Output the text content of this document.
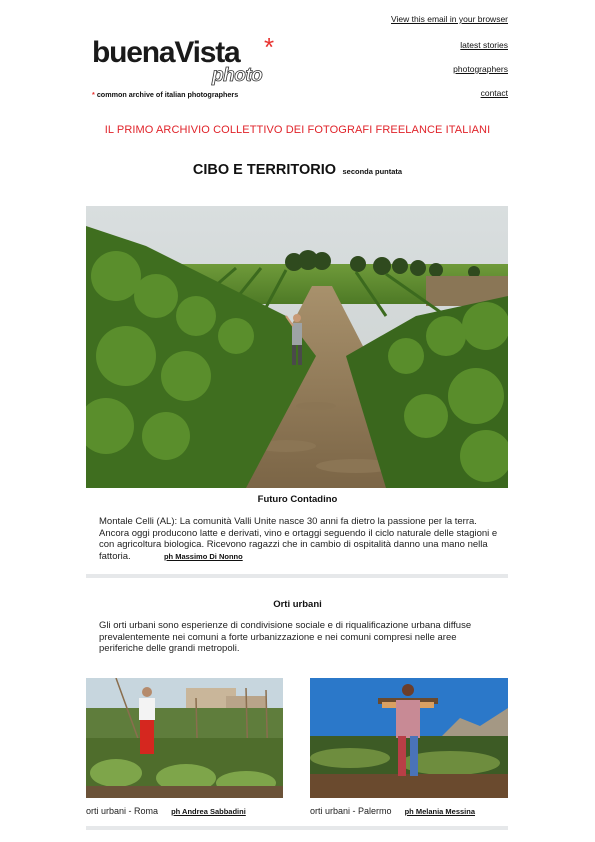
View this email in your browser
latest stories
photographers
contact
buenaVista *
photo
* common archive of italian photographers
IL PRIMO ARCHIVIO COLLETTIVO DEI FOTOGRAFI FREELANCE ITALIANI
CIBO E TERRITORIO seconda puntata
Futuro Contadino
Montale Celli (AL): La comunità Valli Unite nasce 30 anni fa dietro la passione per la terra. Ancora oggi producono latte e derivati, vino e ortaggi seguendo il ciclo naturale delle stagioni e con agricoltura biologica. Ricevono ragazzi che in cambio di ospitalità danno una mano nella fattoria.	ph Massimo Di Nonno
Orti urbani
Gli orti urbani sono esperienze di condivisione sociale e di riqualificazione urbana diffuse prevalentemente nei comuni a forte urbanizzazione e nei comuni compresi nelle aree periferiche delle grandi metropoli.
orti urbani - Roma ph Andrea Sabbadini	orti urbani - Palermo ph Melania Messina
